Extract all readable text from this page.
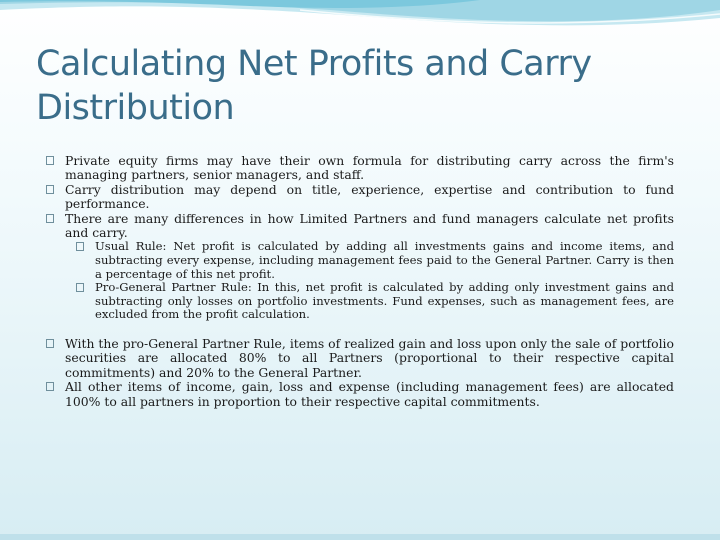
Calculating Net Profits and Carry Distribution
Private equity firms may have their own formula for distributing carry across the firm's managing partners, senior managers, and staff.
Carry distribution may depend on title, experience, expertise and contribution to fund performance.
There are many differences in how Limited Partners and fund managers calculate net profits and carry.
Usual Rule: Net profit is calculated by adding all investments gains and income items, and subtracting every expense, including management fees paid to the General Partner. Carry is then a percentage of this net profit.
Pro-General Partner Rule: In this, net profit is calculated by adding only investment gains and subtracting only losses on portfolio investments. Fund expenses, such as management fees, are excluded from the profit calculation.
With the pro-General Partner Rule, items of realized gain and loss upon only the sale of portfolio securities are allocated 80% to all Partners (proportional to their respective capital commitments) and 20% to the General Partner.
All other items of income, gain, loss and expense (including management fees) are allocated 100% to all partners in proportion to their respective capital commitments.
